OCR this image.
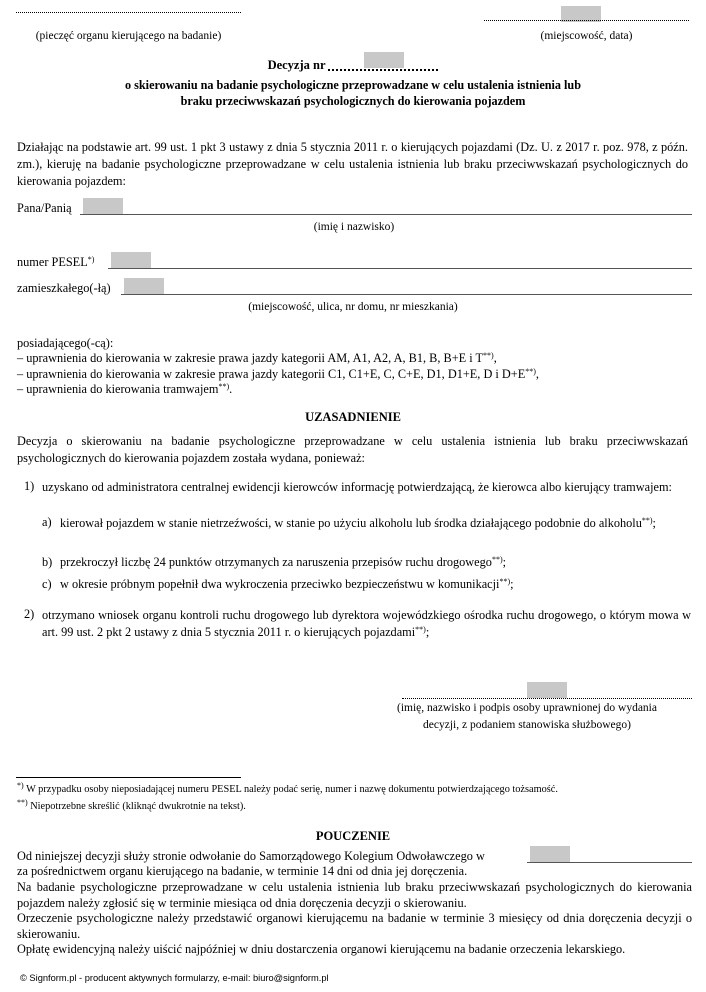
(pieczęć organu kierującego na badanie)	(miejscowość, data)
Decyzja nr
o skierowaniu na badanie psychologiczne przeprowadzane w celu ustalenia istnienia lub
braku przeciwwskazań psychologicznych do kierowania pojazdem
Działając na podstawie art. 99 ust. 1 pkt 3 ustawy z dnia 5 stycznia 2011 r. o kierujących pojazdami (Dz. U. z 2017 r. poz. 978, z późn. zm.), kieruję na badanie psychologiczne przeprowadzane w celu ustalenia istnienia lub braku przeciwwskazań psychologicznych do kierowania pojazdem:
Pana/Panią
(imię i nazwisko)
numer PESEL*)
zamieszkałego(-łą)
(miejscowość, ulica, nr domu, nr mieszkania)
posiadającego(-cą):
– uprawnienia do kierowania w zakresie prawa jazdy kategorii AM, A1, A2, A, B1, B, B+E i T**),
– uprawnienia do kierowania w zakresie prawa jazdy kategorii C1, C1+E, C, C+E, D1, D1+E, D i D+E**),
– uprawnienia do kierowania tramwajem**).
UZASADNIENIE
Decyzja o skierowaniu na badanie psychologiczne przeprowadzane w celu ustalenia istnienia lub braku przeciwwskazań psychologicznych do kierowania pojazdem została wydana, ponieważ:
1) uzyskano od administratora centralnej ewidencji kierowców informację potwierdzającą, że kierowca albo kierujący tramwajem:
a) kierował pojazdem w stanie nietrzeźwości, w stanie po użyciu alkoholu lub środka działającego podobnie do alkoholu**);
b) przekroczył liczbę 24 punktów otrzymanych za naruszenia przepisów ruchu drogowego**);
c) w okresie próbnym popełnił dwa wykroczenia przeciwko bezpieczeństwu w komunikacji**);
2) otrzymano wniosek organu kontroli ruchu drogowego lub dyrektora wojewódzkiego ośrodka ruchu drogowego, o którym mowa w art. 99 ust. 2 pkt 2 ustawy z dnia 5 stycznia 2011 r. o kierujących pojazdami**);
(imię, nazwisko i podpis osoby uprawnionej do wydania
decyzji, z podaniem stanowiska służbowego)
*) W przypadku osoby nieposiadającej numeru PESEL należy podać serię, numer i nazwę dokumentu potwierdzającego tożsamość.
**) Niepotrzebne skreślić (kliknąć dwukrotnie na tekst).
POUCZENIE
Od niniejszej decyzji służy stronie odwołanie do Samorządowego Kolegium Odwoławczego w
za pośrednictwem organu kierującego na badanie, w terminie 14 dni od dnia jej doręczenia.
Na badanie psychologiczne przeprowadzane w celu ustalenia istnienia lub braku przeciwwskazań psychologicznych do kierowania pojazdem należy zgłosić się w terminie miesiąca od dnia doręczenia decyzji o skierowaniu.
Orzeczenie psychologiczne należy przedstawić organowi kierującemu na badanie w terminie 3 miesięcy od dnia doręczenia decyzji o skierowaniu.
Opłatę ewidencyjną należy uiścić najpóźniej w dniu dostarczenia organowi kierującemu na badanie orzeczenia lekarskiego.
© Signform.pl - producent aktywnych formularzy, e-mail: biuro@signform.pl
